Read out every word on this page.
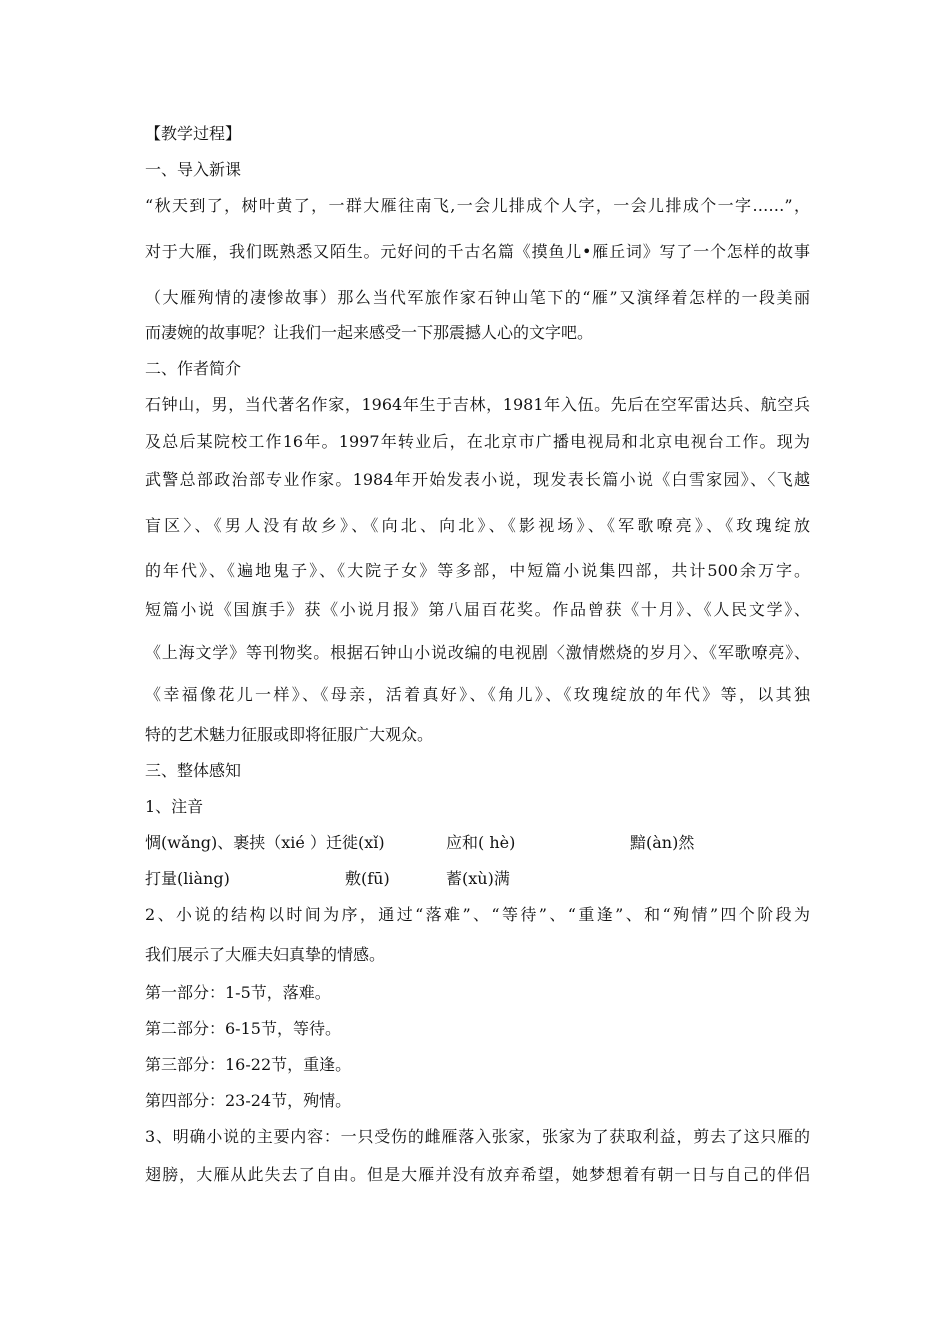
【教学过程】
一、导入新课
“秋天到了，树叶黄了，一群大雁往南飞,一会儿排成个人字，一会儿排成个一字……”，
对于大雁，我们既熟悉又陌生。元好问的千古名篇《摸鱼儿•雁丘词》写了一个怎样的故事
（大雁殉情的凄惨故事）那么当代军旅作家石钟山笔下的“雁”又演绎着怎样的一段美丽
而凄婉的故事呢？让我们一起来感受一下那震撼人心的文字吧。
二、作者简介
石钟山，男，当代著名作家，1964年生于吉林，1981年入伍。先后在空军雷达兵、航空兵
及总后某院校工作16年。1997年转业后，在北京市广播电视局和北京电视台工作。现为
武警总部政治部专业作家。1984年开始发表小说，现发表长篇小说《白雪家园》、〈飞越
盲区〉、《男人没有故乡》、《向北、向北》、《影视场》、《军歌嘹亮》、《玫瑰绽放
的年代》、《遍地鬼子》、《大院子女》等多部，中短篇小说集四部，共计500余万字。
短篇小说《国旗手》获《小说月报》第八届百花奖。作品曾获《十月》、《人民文学》、
《上海文学》等刊物奖。根据石钟山小说改编的电视剧〈激情燃烧的岁月〉、《军歌嘹亮》、
《幸福像花儿一样》、《母亲，活着真好》、《角儿》、《玫瑰绽放的年代》等，以其独
特的艺术魅力征服或即将征服广大观众。
三、整体感知
1、注音
惆(wǎng)、裹挟（xié ）迁徙(xǐ)	应和( hè)	黯(àn)然
打量(liàng)	敷(fū)	蓄(xù)满
2、小说的结构以时间为序，通过“落难”、“等待”、“重逢”、和“殉情”四个阶段为
我们展示了大雁夫妇真挚的情感。
第一部分：1-5节，落难。
第二部分：6-15节，等待。
第三部分：16-22节，重逢。
第四部分：23-24节，殉情。
3、明确小说的主要内容：一只受伤的雌雁落入张家，张家为了获取利益，剪去了这只雁的
翅膀，大雁从此失去了自由。但是大雁并没有放弃希望，她梦想着有朝一日与自己的伴侣
